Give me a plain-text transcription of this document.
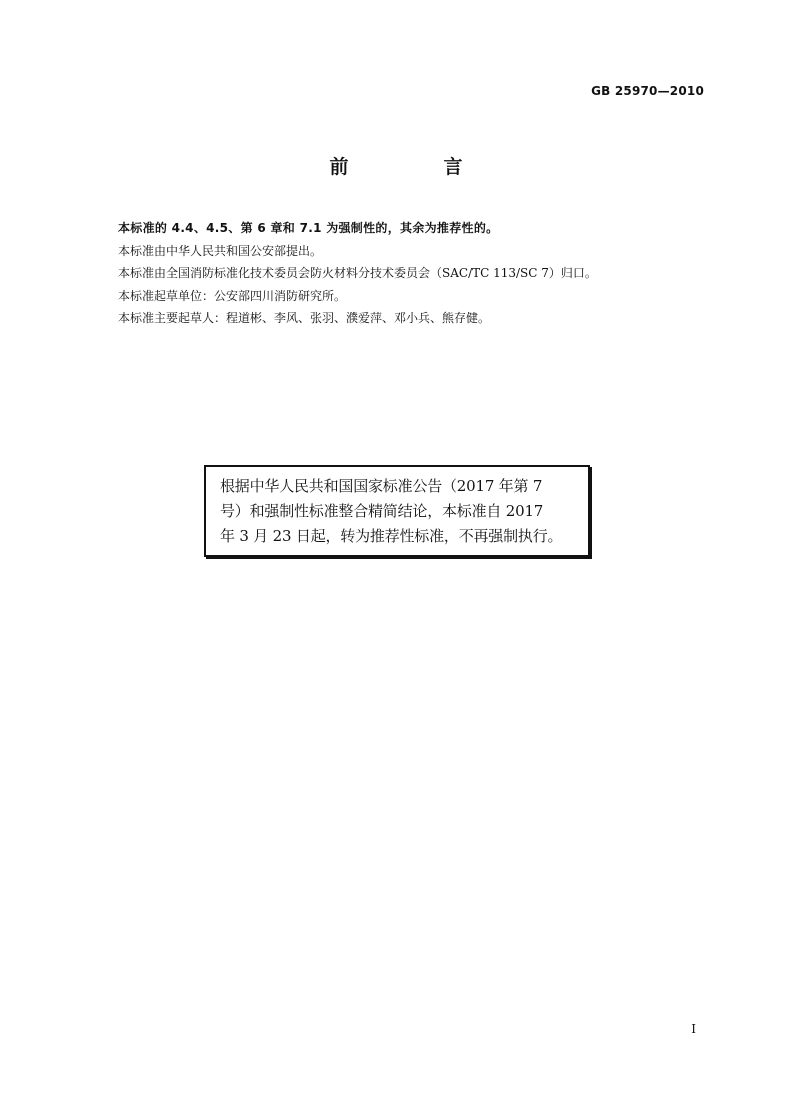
GB 25970—2010
前　言
本标准的 4.4、4.5、第 6 章和 7.1 为强制性的，其余为推荐性的。
本标准由中华人民共和国公安部提出。
本标准由全国消防标准化技术委员会防火材料分技术委员会（SAC/TC 113/SC 7）归口。
本标准起草单位：公安部四川消防研究所。
本标准主要起草人：程道彬、李风、张羽、濮爱萍、邓小兵、熊存健。
根据中华人民共和国国家标准公告（2017 年第 7
号）和强制性标准整合精简结论，本标准自 2017
年 3 月 23 日起，转为推荐性标准，不再强制执行。
I
